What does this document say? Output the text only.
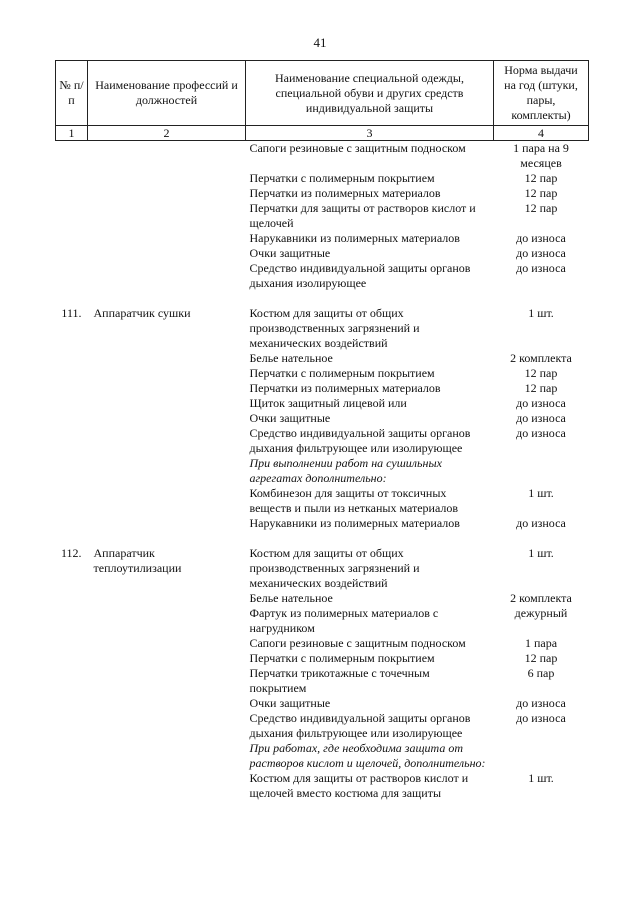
41
№ п/п	Наименование профессий и должностей	Наименование специальной одежды, специальной обуви и других средств индивидуальной защиты	Норма выдачи на год (штуки, пары, комплекты)
1	2	3	4
		Сапоги резиновые с защитным подноском	1 пара на 9 месяцев
		Перчатки с полимерным покрытием	12 пар
		Перчатки из полимерных материалов	12 пар
		Перчатки для защиты от растворов кислот и щелочей	12 пар
		Нарукавники из полимерных материалов	до износа
		Очки защитные	до износа
		Средство индивидуальной защиты органов дыхания изолирующее	до износа

111.	Аппаратчик сушки	Костюм для защиты от общих производственных загрязнений и механических воздействий	1 шт.
		Белье нательное	2 комплекта
		Перчатки с полимерным покрытием	12 пар
		Перчатки из полимерных материалов	12 пар
		Щиток защитный лицевой или	до износа
		Очки защитные	до износа
		Средство индивидуальной защиты органов дыхания фильтрующее или изолирующее	до износа
		При выполнении работ на сушильных агрегатах дополнительно:	
		Комбинезон для защиты от токсичных веществ и пыли из нетканых материалов	1 шт.
		Нарукавники из полимерных материалов	до износа

112.	Аппаратчик теплоутилизации	Костюм для защиты от общих производственных загрязнений и механических воздействий	1 шт.
		Белье нательное	2 комплекта
		Фартук из полимерных материалов с нагрудником	дежурный
		Сапоги резиновые с защитным подноском	1 пара
		Перчатки с полимерным покрытием	12 пар
		Перчатки трикотажные с точечным покрытием	6 пар
		Очки защитные	до износа
		Средство индивидуальной защиты органов дыхания фильтрующее или изолирующее	до износа
		При работах, где необходима защита от растворов кислот и щелочей, дополнительно:	
		Костюм для защиты от растворов кислот и щелочей вместо костюма для защиты	1 шт.
